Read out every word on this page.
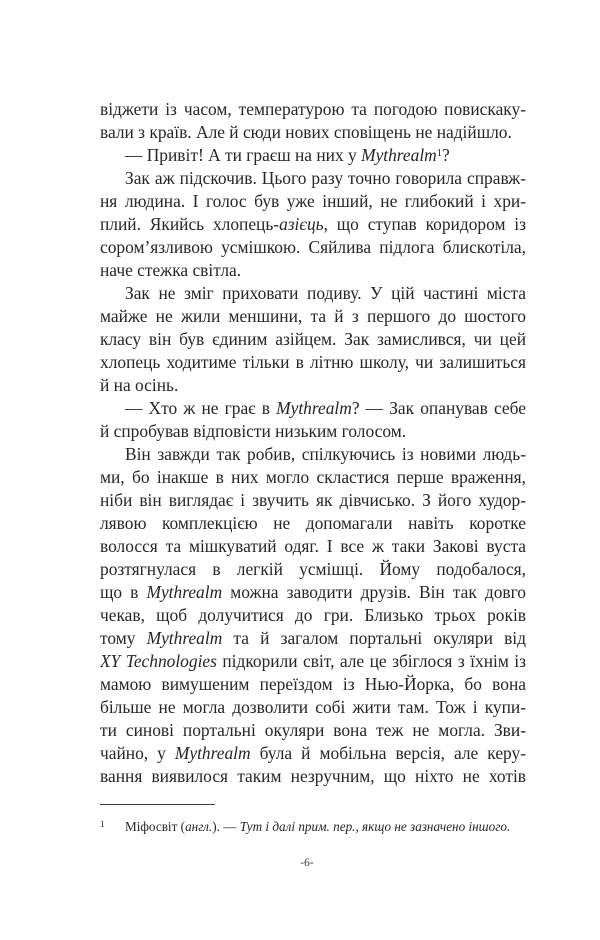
віджети із часом, температурою та погодою повискаку-
вали з країв. Але й сюди нових сповіщень не надійшло.
— Привіт! А ти граєш на них у Mythrealm$^1$?
Зак аж підскочив. Цього разу точно говорила справж-
ня людина. І голос був уже інший, не глибокий і хри-
плий. Якийсь хлопець-азієць, що ступав коридором із
соромʼязливою усмішкою. Сяйлива підлога блискотіла,
наче стежка світла.
Зак не зміг приховати подиву. У цій частині міста
майже не жили меншини, та й з першого до шостого
класу він був єдиним азійцем. Зак замислився, чи цей
хлопець ходитиме тільки в літню школу, чи залишиться
й на осінь.
— Хто ж не грає в Mythrealm? — Зак опанував себе
й спробував відповісти низьким голосом.
Він завжди так робив, спілкуючись із новими людь-
ми, бо інакше в них могло скластися перше враження,
ніби він виглядає і звучить як дівчисько. З його худор-
лявою комплекцією не допомагали навіть коротке
волосся та мішкуватий одяг. І все ж таки Закові вуста
розтягнулася в легкій усмішці. Йому подобалося,
що в Mythrealm можна заводити друзів. Він так довго
чекав, щоб долучитися до гри. Близько трьох років
тому Mythrealm та й загалом портальні окуляри від
XY Technologies підкорили світ, але це збіглося з їхнім із
мамою вимушеним переїздом із Нью-Йорка, бо вона
більше не могла дозволити собі жити там. Тож і купи-
ти синові портальні окуляри вона теж не могла. Зви-
чайно, у Mythrealm була й мобільна версія, але керу-
вання виявилося таким незручним, що ніхто не хотів
$^1$ Міфосвіт (англ.). — Тут і далі прим. пер., якщо не зазначено іншого.
-6-
